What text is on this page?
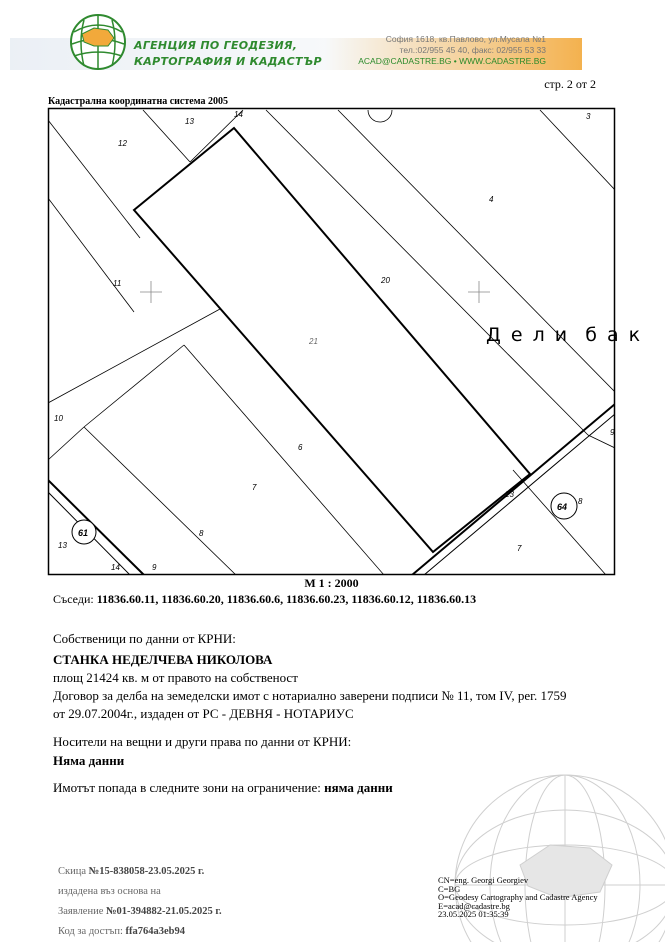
АГЕНЦИЯ ПО ГЕОДЕЗИЯ,
КАРТОГРАФИЯ И КАДАСТЪР
София 1618, кв.Павлово, ул.Мусала №1
тел.:02/955 45 40, факс: 02/955 53 33
ACAD@CADASTRE.BG • WWW.CADASTRE.BG
стр. 2 от 2
Кадастрална координатна система 2005
13
14	3
12
4
20
11
21
10
6
9
7
23
8
8
7
13
14	9
61
64
Д е л и  б а к
М 1 : 2000
Съседи: 11836.60.11, 11836.60.20, 11836.60.6, 11836.60.23, 11836.60.12, 11836.60.13
Собственици по данни от КРНИ:
СТАНКА НЕДЕЛЧЕВА НИКОЛОВА
площ 21424 кв. м от правото на собственост
Договор за делба на земеделски имот с нотариално заверени подписи № 11, том IV, рег. 1759
от 29.07.2004г., издаден от РС - ДЕВНЯ - НОТАРИУС
Носители на вещни и други права по данни от КРНИ:
Няма данни
Имотът попада в следните зони на ограничение: няма данни
Скица №15-838058-23.05.2025 г.
издадена въз основа на
Заявление №01-394882-21.05.2025 г.
Код за достъп: ffa764a3eb94
CN=eng. Georgi Georgiev
C=BG
O=Geodesy Cartography and Cadastre Agency
E=acad@cadastre.bg
23.05.2025 01:35:39
